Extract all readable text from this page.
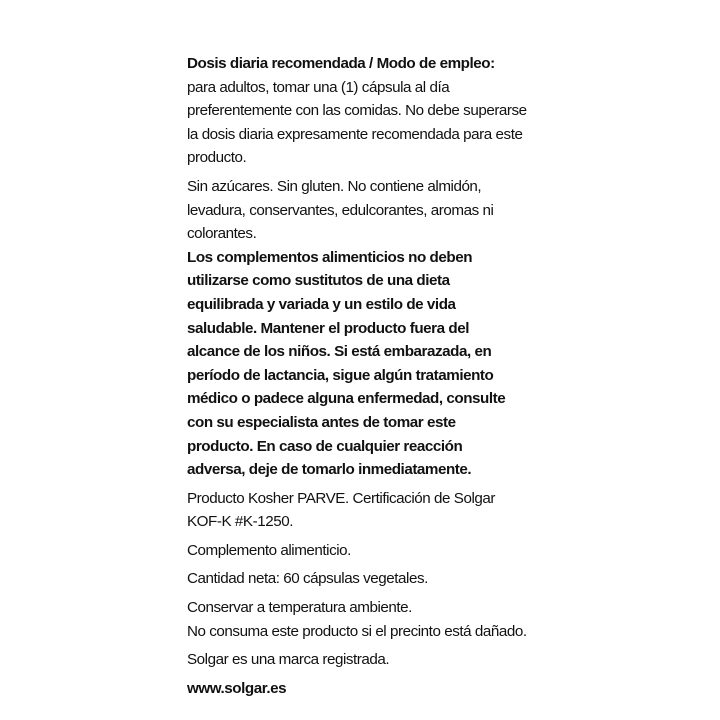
Dosis diaria recomendada / Modo de empleo:
para adultos, tomar una (1) cápsula al día
preferentemente con las comidas. No debe superarse
la dosis diaria expresamente recomendada para este
producto.

Sin azúcares. Sin gluten. No contiene almidón,
levadura, conservantes, edulcorantes, aromas ni
colorantes.

Los complementos alimenticios no deben
utilizarse como sustitutos de una dieta
equilibrada y variada y un estilo de vida
saludable. Mantener el producto fuera del
alcance de los niños. Si está embarazada, en
período de lactancia, sigue algún tratamiento
médico o padece alguna enfermedad, consulte
con su especialista antes de tomar este
producto. En caso de cualquier reacción
adversa, deje de tomarlo inmediatamente.

Producto Kosher PARVE. Certificación de Solgar
KOF-K #K-1250.

Complemento alimenticio.

Cantidad neta: 60 cápsulas vegetales.

Conservar a temperatura ambiente.
No consuma este producto si el precinto está dañado.

Solgar es una marca registrada.

www.solgar.es
